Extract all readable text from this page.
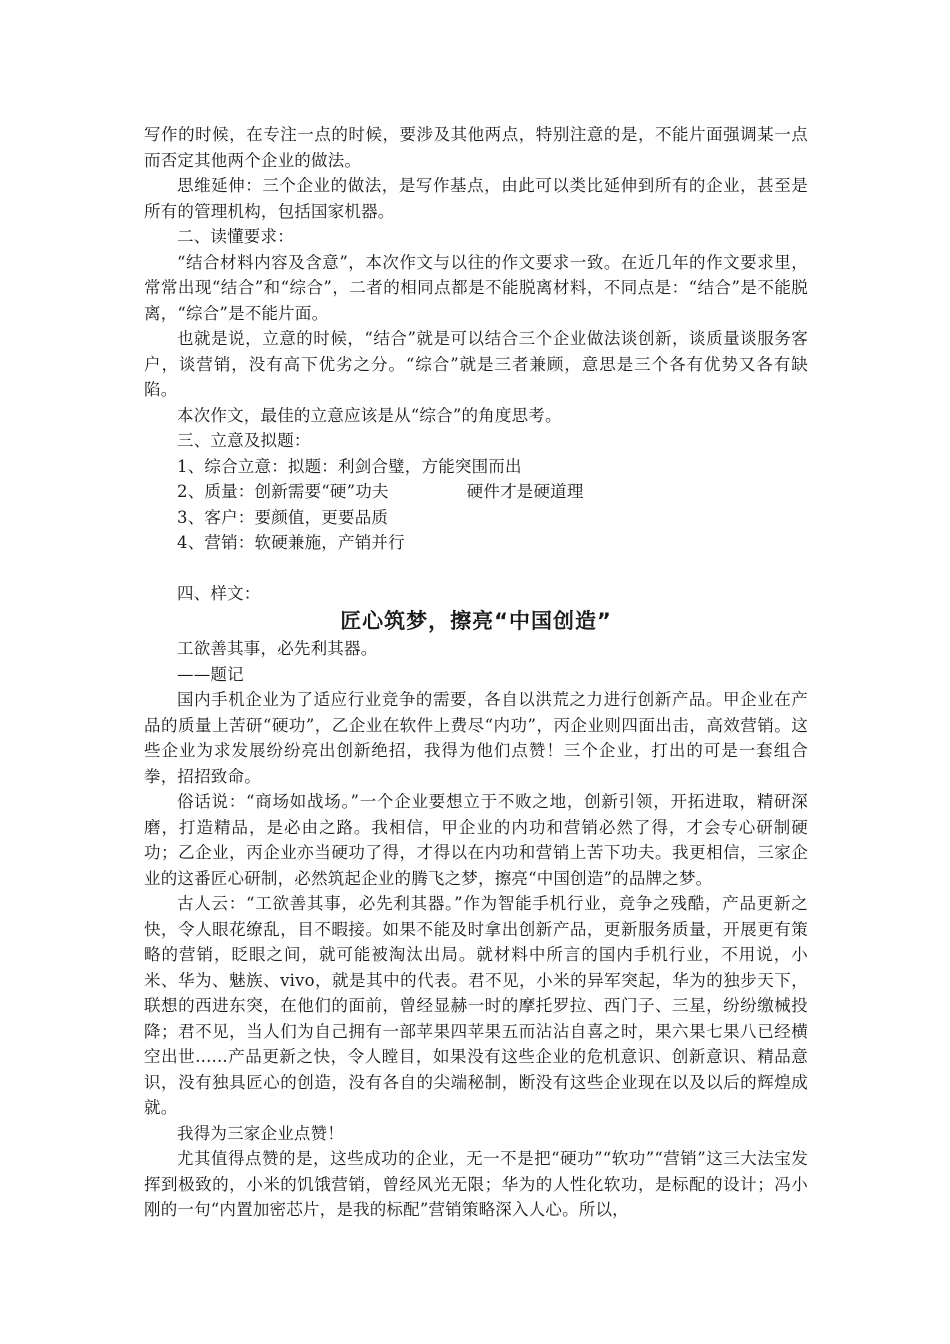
写作的时候，在专注一点的时候，要涉及其他两点，特别注意的是，不能片面强调某一点而否定其他两个企业的做法。

思维延伸：三个企业的做法，是写作基点，由此可以类比延伸到所有的企业，甚至是所有的管理机构，包括国家机器。

二、读懂要求：

“结合材料内容及含意”，本次作文与以往的作文要求一致。在近几年的作文要求里，常常出现“结合”和“综合”，二者的相同点都是不能脱离材料，不同点是：“结合”是不能脱离，“综合”是不能片面。

也就是说，立意的时候，“结合”就是可以结合三个企业做法谈创新，谈质量谈服务客户，谈营销，没有高下优劣之分。“综合”就是三者兼顾，意思是三个各有优势又各有缺陷。

本次作文，最佳的立意应该是从“综合”的角度思考。

三、立意及拟题：

1、综合立意：拟题：利剑合璧，方能突围而出

2、质量：创新需要“硬”功夫	硬件才是硬道理

3、客户：要颜值，更要品质

4、营销：软硬兼施，产销并行

四、样文：

匠心筑梦，擦亮“中国创造”

工欲善其事，必先利其器。

——题记

国内手机企业为了适应行业竞争的需要，各自以洪荒之力进行创新产品。甲企业在产品的质量上苦研“硬功”，乙企业在软件上费尽“内功”，丙企业则四面出击，高效营销。这些企业为求发展纷纷亮出创新绝招，我得为他们点赞！三个企业，打出的可是一套组合拳，招招致命。

俗话说：“商场如战场。”一个企业要想立于不败之地，创新引领，开拓进取，精研深磨，打造精品，是必由之路。我相信，甲企业的内功和营销必然了得，才会专心研制硬功；乙企业，丙企业亦当硬功了得，才得以在内功和营销上苦下功夫。我更相信，三家企业的这番匠心研制，必然筑起企业的腾飞之梦，擦亮“中国创造”的品牌之梦。

古人云：“工欲善其事，必先利其器。”作为智能手机行业，竞争之残酷，产品更新之快，令人眼花缭乱，目不暇接。如果不能及时拿出创新产品，更新服务质量，开展更有策略的营销，眨眼之间，就可能被淘汰出局。就材料中所言的国内手机行业，不用说，小米、华为、魅族、vivo，就是其中的代表。君不见，小米的异军突起，华为的独步天下，联想的西进东突，在他们的面前，曾经显赫一时的摩托罗拉、西门子、三星，纷纷缴械投降；君不见，当人们为自己拥有一部苹果四苹果五而沾沾自喜之时，果六果七果八已经横空出世......产品更新之快，令人瞠目，如果没有这些企业的危机意识、创新意识、精品意识，没有独具匠心的创造，没有各自的尖端秘制，断没有这些企业现在以及以后的辉煌成就。

我得为三家企业点赞！

尤其值得点赞的是，这些成功的企业，无一不是把“硬功”“软功”“营销”这三大法宝发挥到极致的，小米的饥饿营销，曾经风光无限；华为的人性化软功，是标配的设计；冯小刚的一句“内置加密芯片，是我的标配”营销策略深入人心。所以，
